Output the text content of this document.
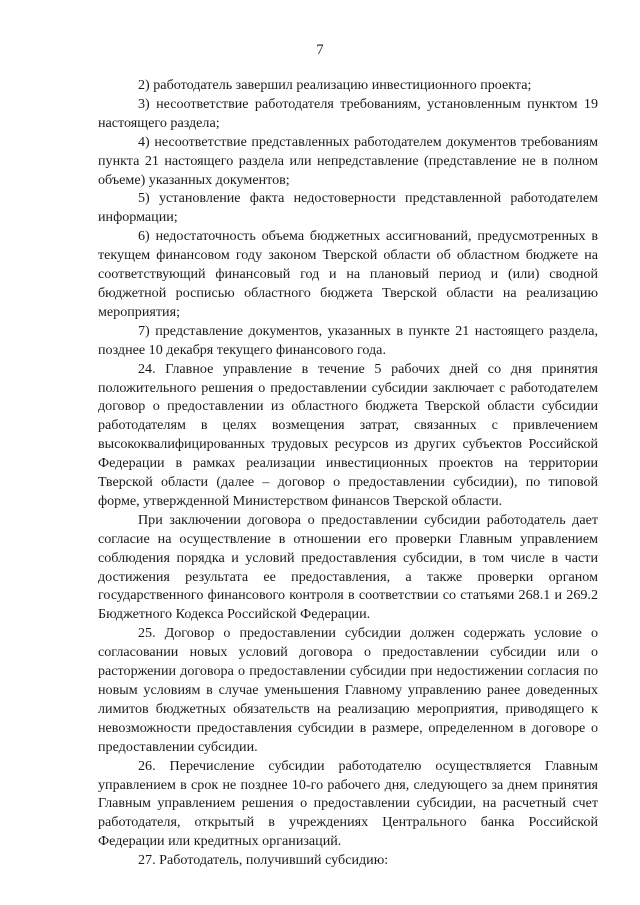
7

2) работодатель завершил реализацию инвестиционного проекта;

3) несоответствие работодателя требованиям, установленным пунктом 19 настоящего раздела;

4) несоответствие представленных работодателем документов требованиям пункта 21 настоящего раздела или непредставление (представление не в полном объеме) указанных документов;

5) установление факта недостоверности представленной работодателем информации;

6) недостаточность объема бюджетных ассигнований, предусмотренных в текущем финансовом году законом Тверской области об областном бюджете на соответствующий финансовый год и на плановый период и (или) сводной бюджетной росписью областного бюджета Тверской области на реализацию мероприятия;

7) представление документов, указанных в пункте 21 настоящего раздела, позднее 10 декабря текущего финансового года.

24. Главное управление в течение 5 рабочих дней со дня принятия положительного решения о предоставлении субсидии заключает с работодателем договор о предоставлении из областного бюджета Тверской области субсидии работодателям в целях возмещения затрат, связанных с привлечением высококвалифицированных трудовых ресурсов из других субъектов Российской Федерации в рамках реализации инвестиционных проектов на территории Тверской области (далее – договор о предоставлении субсидии), по типовой форме, утвержденной Министерством финансов Тверской области.

При заключении договора о предоставлении субсидии работодатель дает согласие на осуществление в отношении его проверки Главным управлением соблюдения порядка и условий предоставления субсидии, в том числе в части достижения результата ее предоставления, а также проверки органом государственного финансового контроля в соответствии со статьями 268.1 и 269.2 Бюджетного Кодекса Российской Федерации.

25. Договор о предоставлении субсидии должен содержать условие о согласовании новых условий договора о предоставлении субсидии или о расторжении договора о предоставлении субсидии при недостижении согласия по новым условиям в случае уменьшения Главному управлению ранее доведенных лимитов бюджетных обязательств на реализацию мероприятия, приводящего к невозможности предоставления субсидии в размере, определенном в договоре о предоставлении субсидии.

26. Перечисление субсидии работодателю осуществляется Главным управлением в срок не позднее 10-го рабочего дня, следующего за днем принятия Главным управлением решения о предоставлении субсидии, на расчетный счет работодателя, открытый в учреждениях Центрального банка Российской Федерации или кредитных организаций.

27. Работодатель, получивший субсидию:
